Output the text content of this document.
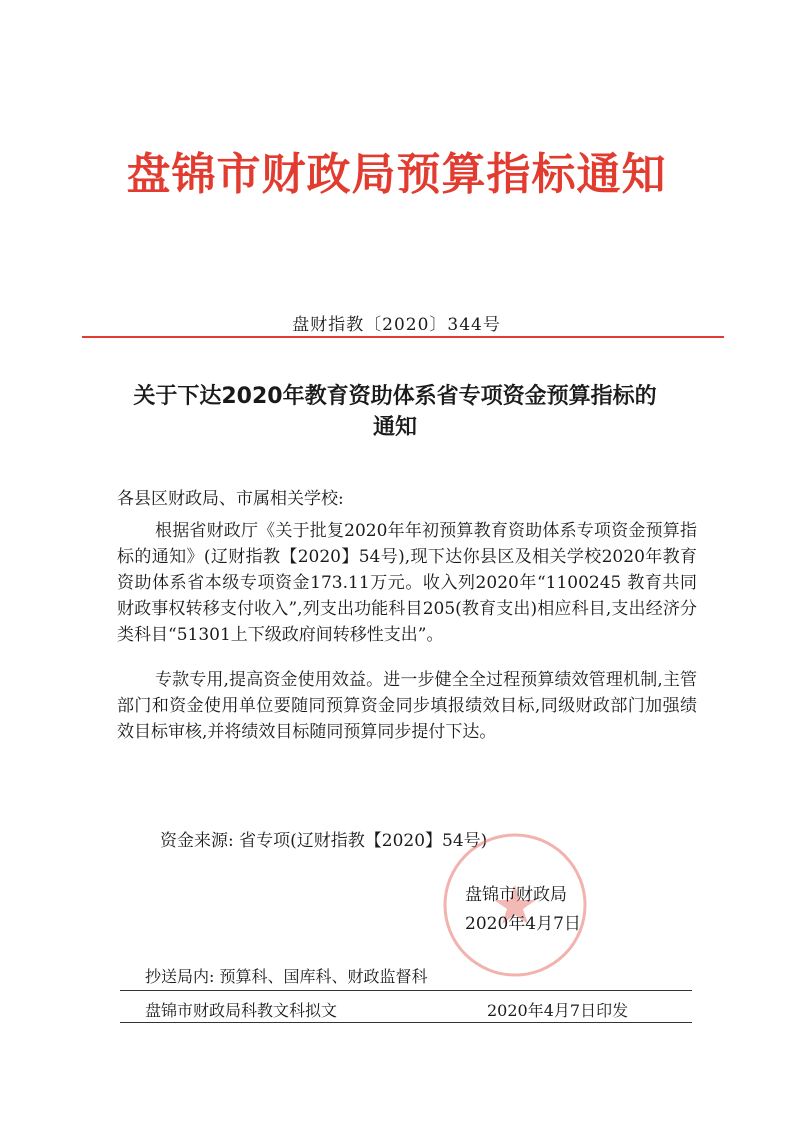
盘锦市财政局预算指标通知
盘财指教〔2020〕344号
关于下达2020年教育资助体系省专项资金预算指标的
通知
各县区财政局、市属相关学校:
根据省财政厅《关于批复2020年年初预算教育资助体系专项资金预算指标的通知》(辽财指教【2020】54号),现下达你县区及相关学校2020年教育资助体系省本级专项资金173.11万元。收入列2020年“1100245 教育共同财政事权转移支付收入”,列支出功能科目205(教育支出)相应科目,支出经济分类科目“51301上下级政府间转移性支出”。
专款专用,提高资金使用效益。进一步健全全过程预算绩效管理机制,主管部门和资金使用单位要随同预算资金同步填报绩效目标,同级财政部门加强绩效目标审核,并将绩效目标随同预算同步提付下达。
资金来源: 省专项(辽财指教【2020】54号)
盘锦市财政局
2020年4月7日
抄送局内: 预算科、国库科、财政监督科
盘锦市财政局科教文科拟文	2020年4月7日印发
